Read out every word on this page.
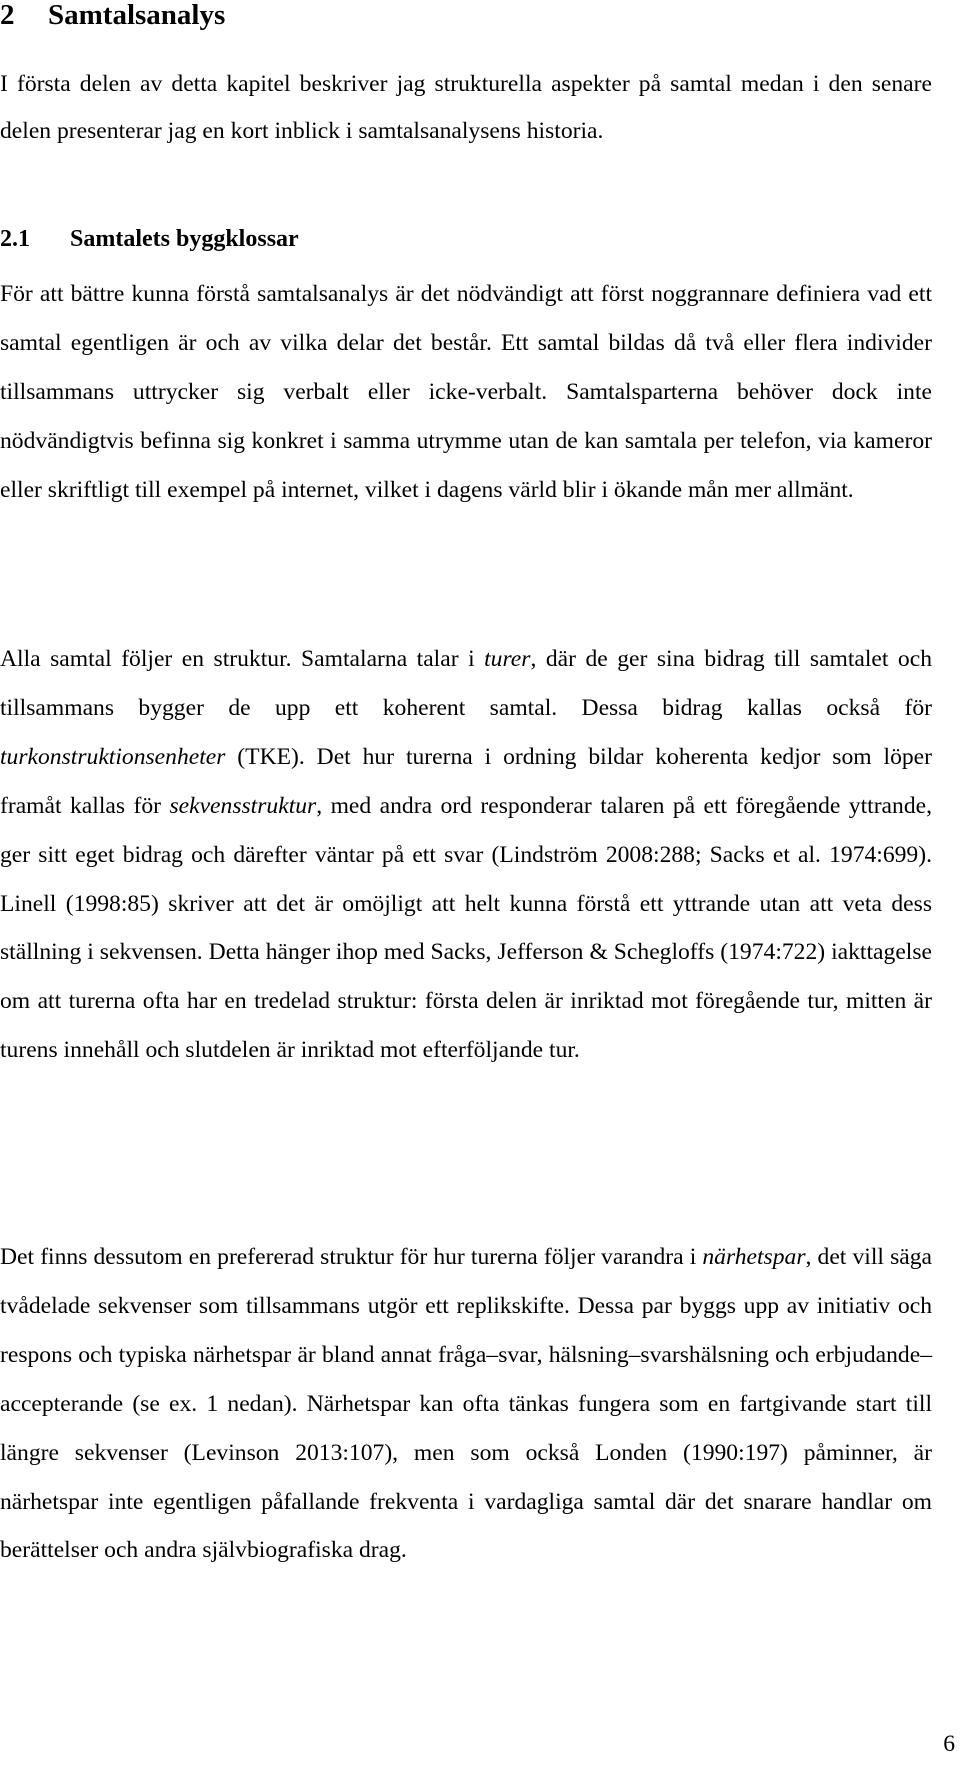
2 Samtalsanalys

I första delen av detta kapitel beskriver jag strukturella aspekter på samtal medan i den senare delen presenterar jag en kort inblick i samtalsanalysens historia.

2.1 Samtalets byggklossar

För att bättre kunna förstå samtalsanalys är det nödvändigt att först noggrannare definiera vad ett samtal egentligen är och av vilka delar det består. Ett samtal bildas då två eller flera individer tillsammans uttrycker sig verbalt eller icke-verbalt. Samtalsparterna behöver dock inte nödvändigtvis befinna sig konkret i samma utrymme utan de kan samtala per telefon, via kameror eller skriftligt till exempel på internet, vilket i dagens värld blir i ökande mån mer allmänt.

Alla samtal följer en struktur. Samtalarna talar i turer, där de ger sina bidrag till samtalet och tillsammans bygger de upp ett koherent samtal. Dessa bidrag kallas också för turkonstruktionsenheter (TKE). Det hur turerna i ordning bildar koherenta kedjor som löper framåt kallas för sekvensstruktur, med andra ord responderar talaren på ett föregående yttrande, ger sitt eget bidrag och därefter väntar på ett svar (Lindström 2008:288; Sacks et al. 1974:699). Linell (1998:85) skriver att det är omöjligt att helt kunna förstå ett yttrande utan att veta dess ställning i sekvensen. Detta hänger ihop med Sacks, Jefferson & Schegloffs (1974:722) iakttagelse om att turerna ofta har en tredelad struktur: första delen är inriktad mot föregående tur, mitten är turens innehåll och slutdelen är inriktad mot efterföljande tur.

Det finns dessutom en prefererad struktur för hur turerna följer varandra i närhetspar, det vill säga tvådelade sekvenser som tillsammans utgör ett replikskifte. Dessa par byggs upp av initiativ och respons och typiska närhetspar är bland annat fråga–svar, hälsning–svarshälsning och erbjudande–accepterande (se ex. 1 nedan). Närhetspar kan ofta tänkas fungera som en fartgivande start till längre sekvenser (Levinson 2013:107), men som också Londen (1990:197) påminner, är närhetspar inte egentligen påfallande frekventa i vardagliga samtal där det snarare handlar om berättelser och andra självbiografiska drag.

6
